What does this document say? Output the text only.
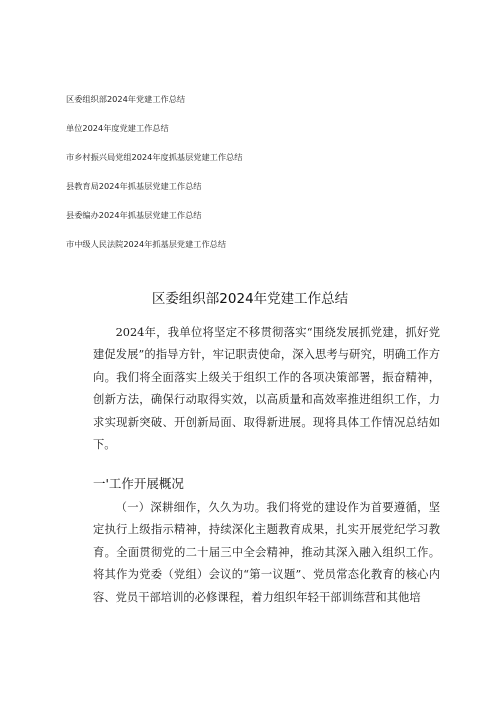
区委组织部2024年党建工作总结
单位2024年度党建工作总结
市乡村振兴局党组2024年度抓基层党建工作总结
县教育局2024年抓基层党建工作总结
县委编办2024年抓基层党建工作总结
市中级人民法院2024年抓基层党建工作总结
区委组织部2024年党建工作总结
2024年，我单位将坚定不移贯彻落实“围绕发展抓党建，抓好党建促发展”的指导方针，牢记职责使命，深入思考与研究，明确工作方向。我们将全面落实上级关于组织工作的各项决策部署，振奋精神，创新方法，确保行动取得实效，以高质量和高效率推进组织工作，力求实现新突破、开创新局面、取得新进展。现将具体工作情况总结如下。
一'工作开展概况
（一）深耕细作，久久为功。我们将党的建设作为首要遵循，坚定执行上级指示精神，持续深化主题教育成果，扎实开展党纪学习教育。全面贯彻党的二十届三中全会精神，推动其深入融入组织工作。将其作为党委（党组）会议的“第一议题”、党员常态化教育的核心内容、党员干部培训的必修课程，着力组织年轻干部训练营和其他培
